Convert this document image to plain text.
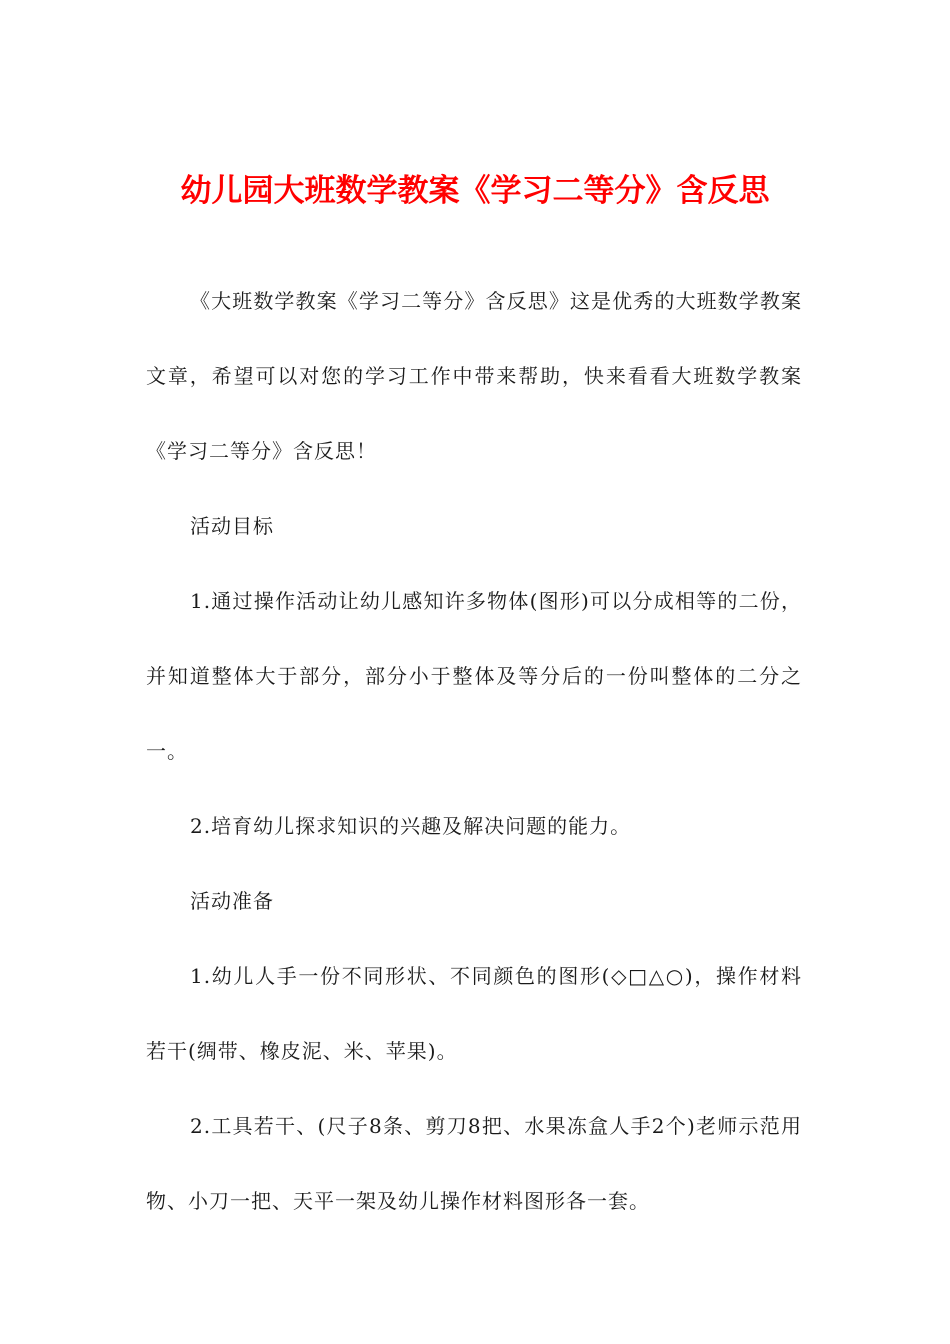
幼儿园大班数学教案《学习二等分》含反思

《大班数学教案《学习二等分》含反思》这是优秀的大班数学教案文章，希望可以对您的学习工作中带来帮助，快来看看大班数学教案《学习二等分》含反思！

活动目标

1.通过操作活动让幼儿感知许多物体(图形)可以分成相等的二份，并知道整体大于部分，部分小于整体及等分后的一份叫整体的二分之一。

2.培育幼儿探求知识的兴趣及解决问题的能力。

活动准备

1.幼儿人手一份不同形状、不同颜色的图形(◇□△○)，操作材料若干(绸带、橡皮泥、米、苹果)。

2.工具若干、(尺子8条、剪刀8把、水果冻盒人手2个)老师示范用物、小刀一把、天平一架及幼儿操作材料图形各一套。
